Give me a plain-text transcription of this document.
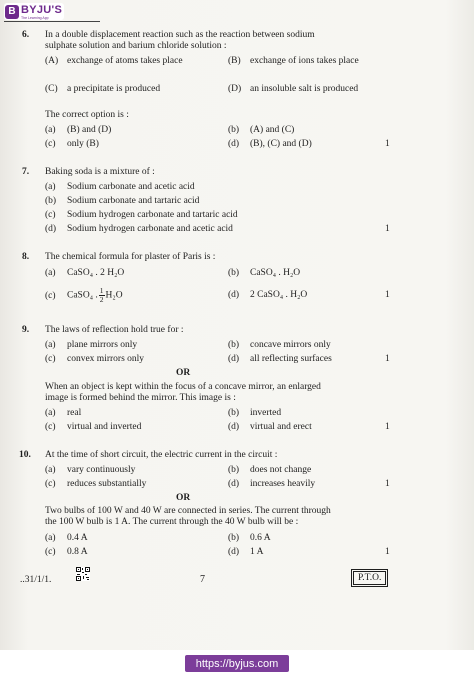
B BYJU'S
The Learning App
6. In a double displacement reaction such as the reaction between sodium
sulphate solution and barium chloride solution :
(A) exchange of atoms takes place	(B) exchange of ions takes place
(C) a precipitate is produced	(D) an insoluble salt is produced
The correct option is :
(a) (B) and (D)	(b) (A) and (C)
(c) only (B)	(d) (B), (C) and (D)	1
7. Baking soda is a mixture of :
(a) Sodium carbonate and acetic acid
(b) Sodium carbonate and tartaric acid
(c) Sodium hydrogen carbonate and tartaric acid
(d) Sodium hydrogen carbonate and acetic acid	1
8. The chemical formula for plaster of Paris is :
(a) CaSO₄ . 2 H₂O	(b) CaSO₄ . H₂O
(c) CaSO₄ . $\frac{1}{2} H_2O$	(d) 2 CaSO₄ . H₂O	1
9. The laws of reflection hold true for :
(a) plane mirrors only	(b) concave mirrors only
(c) convex mirrors only	(d) all reflecting surfaces	1
OR
When an object is kept within the focus of a concave mirror, an enlarged
image is formed behind the mirror. This image is :
(a) real	(b) inverted
(c) virtual and inverted	(d) virtual and erect	1
10. At the time of short circuit, the electric current in the circuit :
(a) vary continuously	(b) does not change
(c) reduces substantially	(d) increases heavily	1
OR
Two bulbs of 100 W and 40 W are connected in series. The current through
the 100 W bulb is 1 A. The current through the 40 W bulb will be :
(a) 0.4 A	(b) 0.6 A
(c) 0.8 A	(d) 1 A	1
..31/1/1.	7	P.T.O.
https://byjus.com
